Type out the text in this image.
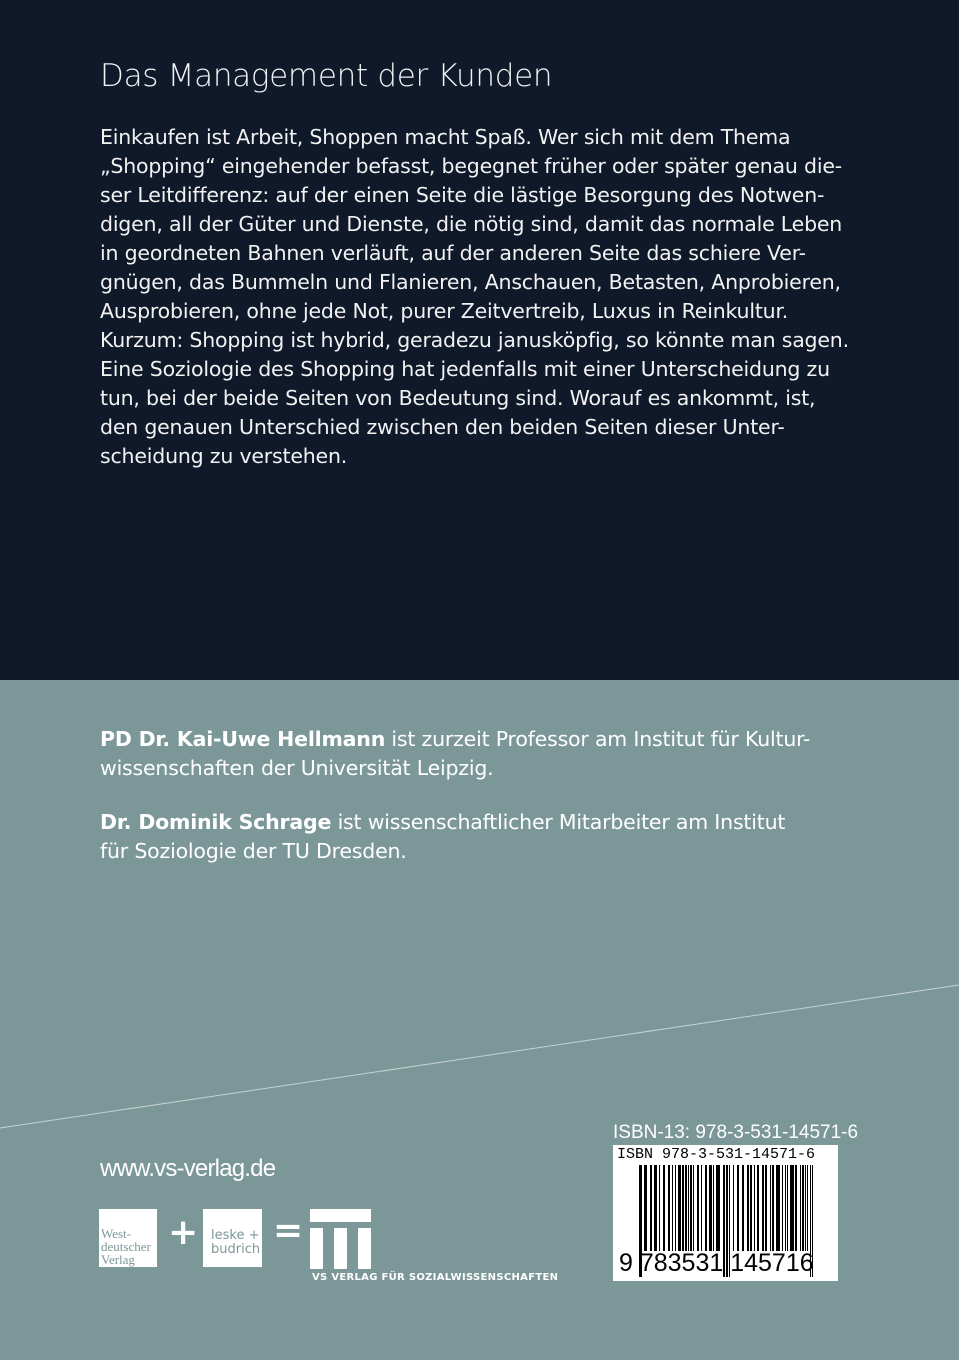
Das Management der Kunden
Einkaufen ist Arbeit, Shoppen macht Spaß. Wer sich mit dem Thema
„Shopping“ eingehender befasst, begegnet früher oder später genau die-
ser Leitdifferenz: auf der einen Seite die lästige Besorgung des Notwen-
digen, all der Güter und Dienste, die nötig sind, damit das normale Leben
in geordneten Bahnen verläuft, auf der anderen Seite das schiere Ver-
gnügen, das Bummeln und Flanieren, Anschauen, Betasten, Anprobieren,
Ausprobieren, ohne jede Not, purer Zeitvertreib, Luxus in Reinkultur.
Kurzum: Shopping ist hybrid, geradezu janusköpfig, so könnte man sagen.
Eine Soziologie des Shopping hat jedenfalls mit einer Unterscheidung zu
tun, bei der beide Seiten von Bedeutung sind. Worauf es ankommt, ist,
den genauen Unterschied zwischen den beiden Seiten dieser Unter-
scheidung zu verstehen.
PD Dr. Kai-Uwe Hellmann ist zurzeit Professor am Institut für Kultur-
wissenschaften der Universität Leipzig.
Dr. Dominik Schrage ist wissenschaftlicher Mitarbeiter am Institut
für Soziologie der TU Dresden.
www.vs-verlag.de
West-
deutscher
Verlag
+ leske +
budrich =
VS VERLAG FÜR SOZIALWISSENSCHAFTEN
ISBN-13: 978-3-531-14571-6
ISBN 978-3-531-14571-6
9 783531 145716
